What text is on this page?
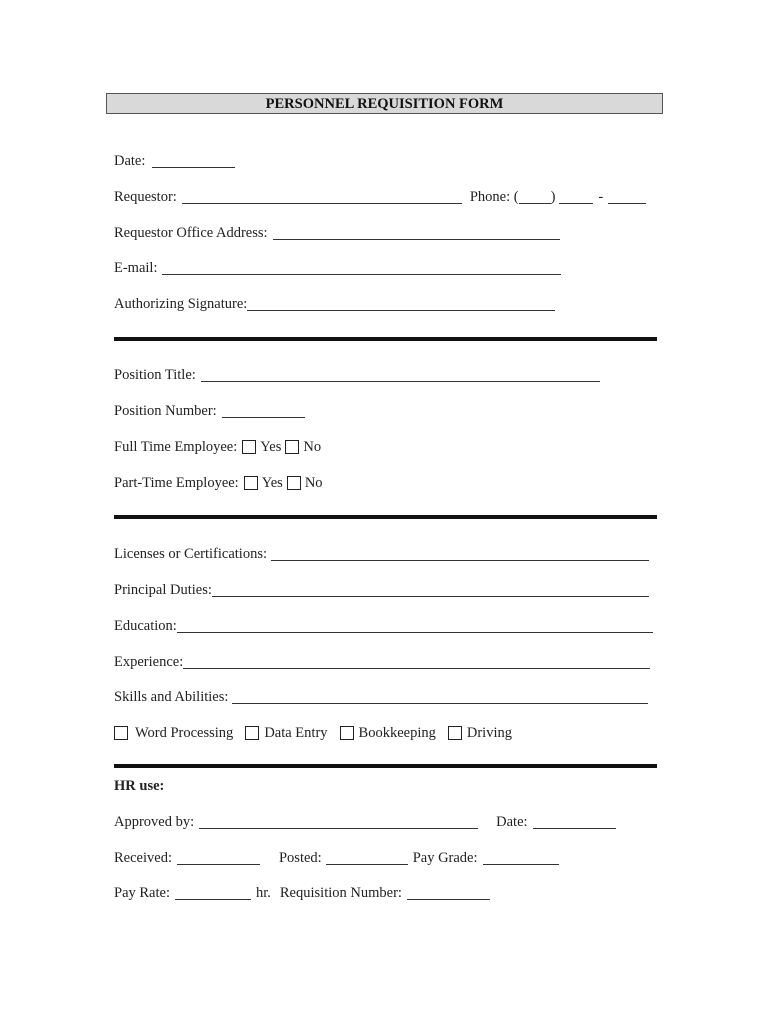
PERSONNEL REQUISITION FORM
Date:
Requestor:	Phone: ( )	-
Requestor Office Address:
E-mail:
Authorizing Signature:
Position Title:
Position Number:
Full Time Employee: Yes No
Part-Time Employee: Yes No
Licenses or Certifications:
Principal Duties:
Education:
Experience:
Skills and Abilities:
Word Processing Data Entry Bookkeeping Driving
HR use:
Approved by:	Date:
Received:	Posted:	Pay Grade:
Pay Rate:	hr. Requisition Number:
